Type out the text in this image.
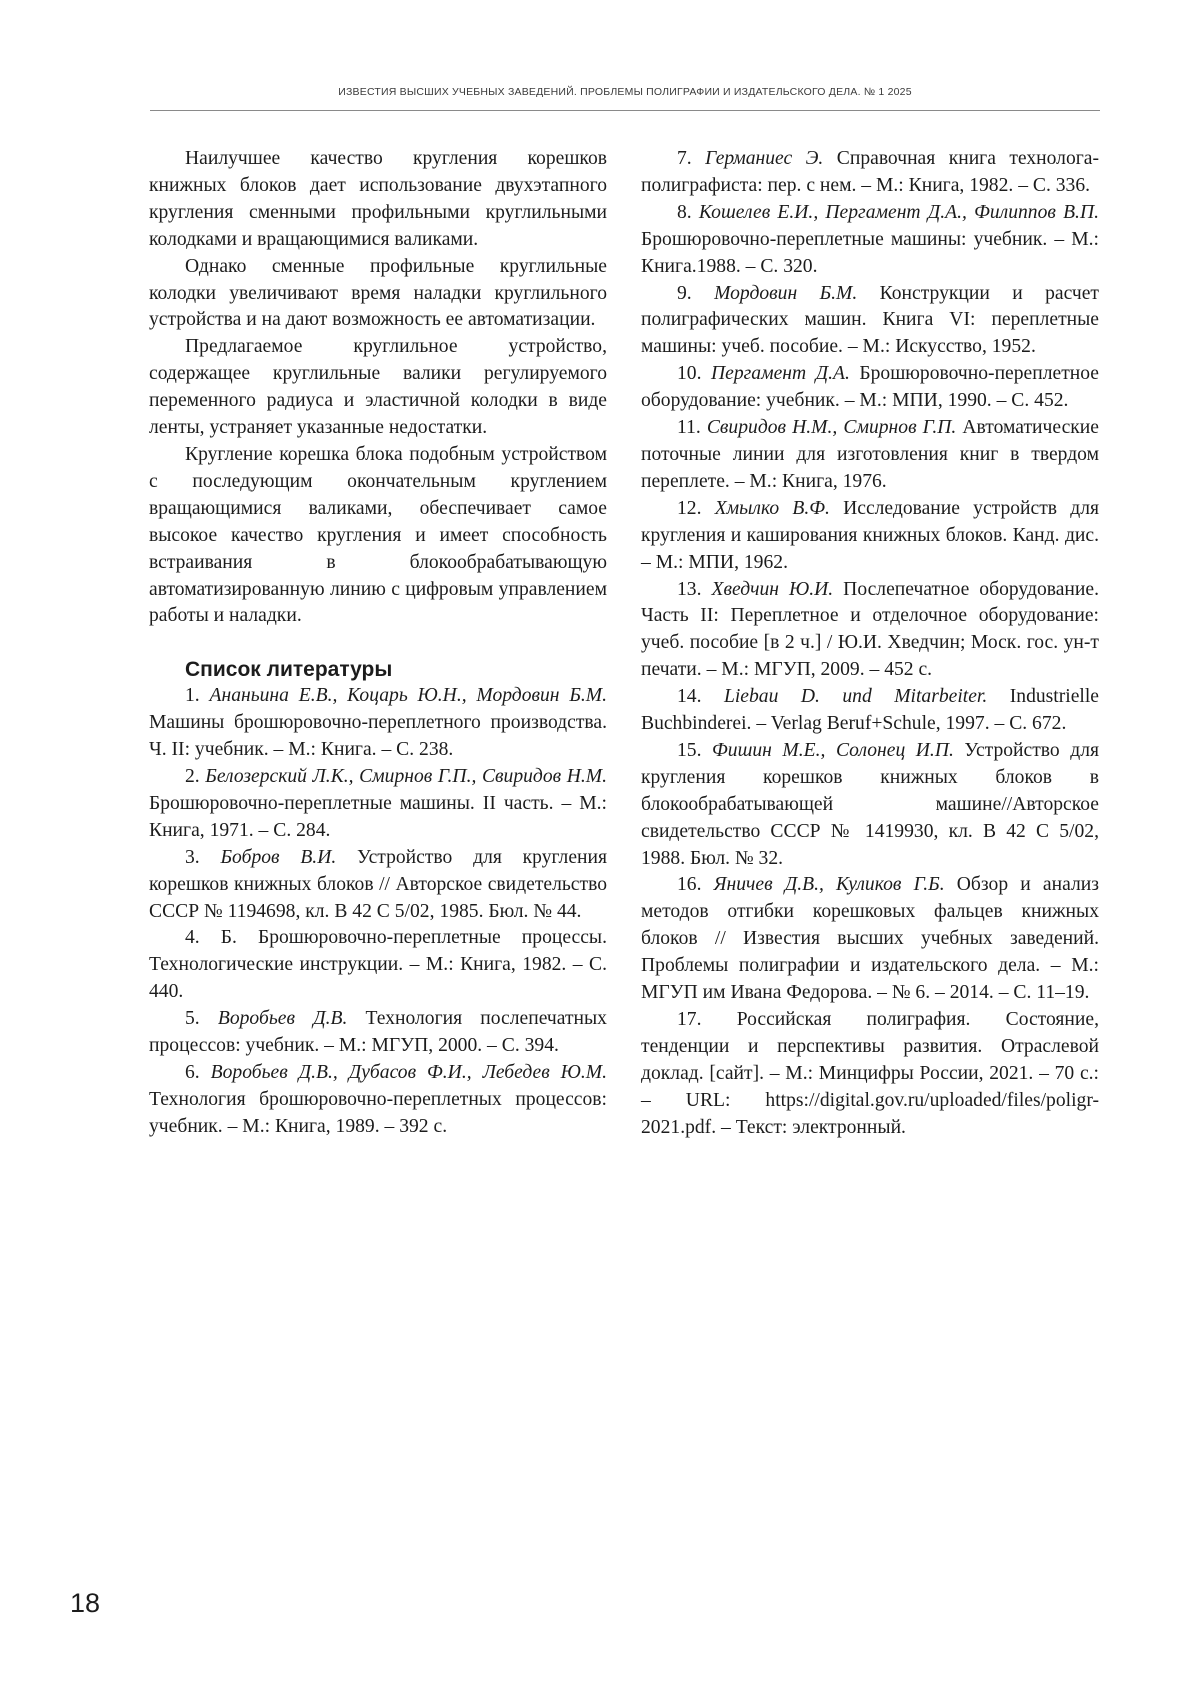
ИЗВЕСТИЯ ВЫСШИХ УЧЕБНЫХ ЗАВЕДЕНИЙ. ПРОБЛЕМЫ ПОЛИГРАФИИ И ИЗДАТЕЛЬСКОГО ДЕЛА. № 1 2025

Наилучшее качество кругления корешков книжных блоков дает использование двухэтапного кругления сменными профильными круглильными колодками и вращающимися валиками.

Однако сменные профильные круглильные колодки увеличивают время наладки круглильного устройства и на дают возможность ее автоматизации.

Предлагаемое круглильное устройство, содержащее круглильные валики регулируемого переменного радиуса и эластичной колодки в виде ленты, устраняет указанные недостатки.

Кругление корешка блока подобным устройством с последующим окончательным круглением вращающимися валиками, обеспечивает самое высокое качество кругления и имеет способность встраивания в блокообрабатывающую автоматизированную линию с цифровым управлением работы и наладки.

Список литературы
1. Ананьина Е.В., Коцарь Ю.Н., Мордовин Б.М. Машины брошюровочно-переплетного производства. Ч. II: учебник. – М.: Книга. – С. 238.
2. Белозерский Л.К., Смирнов Г.П., Свиридов Н.М. Брошюровочно-переплетные машины. II часть. – М.: Книга, 1971. – С. 284.
3. Бобров В.И. Устройство для кругления корешков книжных блоков // Авторское свидетельство СССР № 1194698, кл. В 42 С 5/02, 1985. Бюл. № 44.
4. Б. Брошюровочно-переплетные процессы. Технологические инструкции. – М.: Книга, 1982. – С. 440.
5. Воробьев Д.В. Технология послепечатных процессов: учебник. – М.: МГУП, 2000. – С. 394.
6. Воробьев Д.В., Дубасов Ф.И., Лебедев Ю.М. Технология брошюровочно-переплетных процессов: учебник. – М.: Книга, 1989. – 392 с.
7. Германиес Э. Справочная книга технолога-полиграфиста: пер. с нем. – М.: Книга, 1982. – С. 336.
8. Кошелев Е.И., Пергамент Д.А., Филиппов В.П. Брошюровочно-переплетные машины: учебник. – М.: Книга.1988. – С. 320.
9. Мордовин Б.М. Конструкции и расчет полиграфических машин. Книга VI: переплетные машины: учеб. пособие. – М.: Искусство, 1952.
10. Пергамент Д.А. Брошюровочно-переплетное оборудование: учебник. – М.: МПИ, 1990. – С. 452.
11. Свиридов Н.М., Смирнов Г.П. Автоматические поточные линии для изготовления книг в твердом переплете. – М.: Книга, 1976.
12. Хмылко В.Ф. Исследование устройств для кругления и каширования книжных блоков. Канд. дис. – М.: МПИ, 1962.
13. Хведчин Ю.И. Послепечатное оборудование. Часть II: Переплетное и отделочное оборудование: учеб. пособие [в 2 ч.] / Ю.И. Хведчин; Моск. гос. ун-т печати. – М.: МГУП, 2009. – 452 с.
14. Liebau D. und Mitarbeiter. Industrielle Buchbinderei. – Verlag Beruf+Schule, 1997. – С. 672.
15. Фишин М.Е., Солонец И.П. Устройство для кругления корешков книжных блоков в блокообрабатывающей машине//Авторское свидетельство СССР № 1419930, кл. В 42 С 5/02, 1988. Бюл. № 32.
16. Яничев Д.В., Куликов Г.Б. Обзор и анализ методов отгибки корешковых фальцев книжных блоков // Известия высших учебных заведений. Проблемы полиграфии и издательского дела. – М.: МГУП им Ивана Федорова. – № 6. – 2014. – С. 11–19.
17. Российская полиграфия. Состояние, тенденции и перспективы развития. Отраслевой доклад. [сайт]. – М.: Минцифры России, 2021. – 70 с.: – URL: https://digital.gov.ru/uploaded/files/poligr-2021.pdf. – Текст: электронный.
18
